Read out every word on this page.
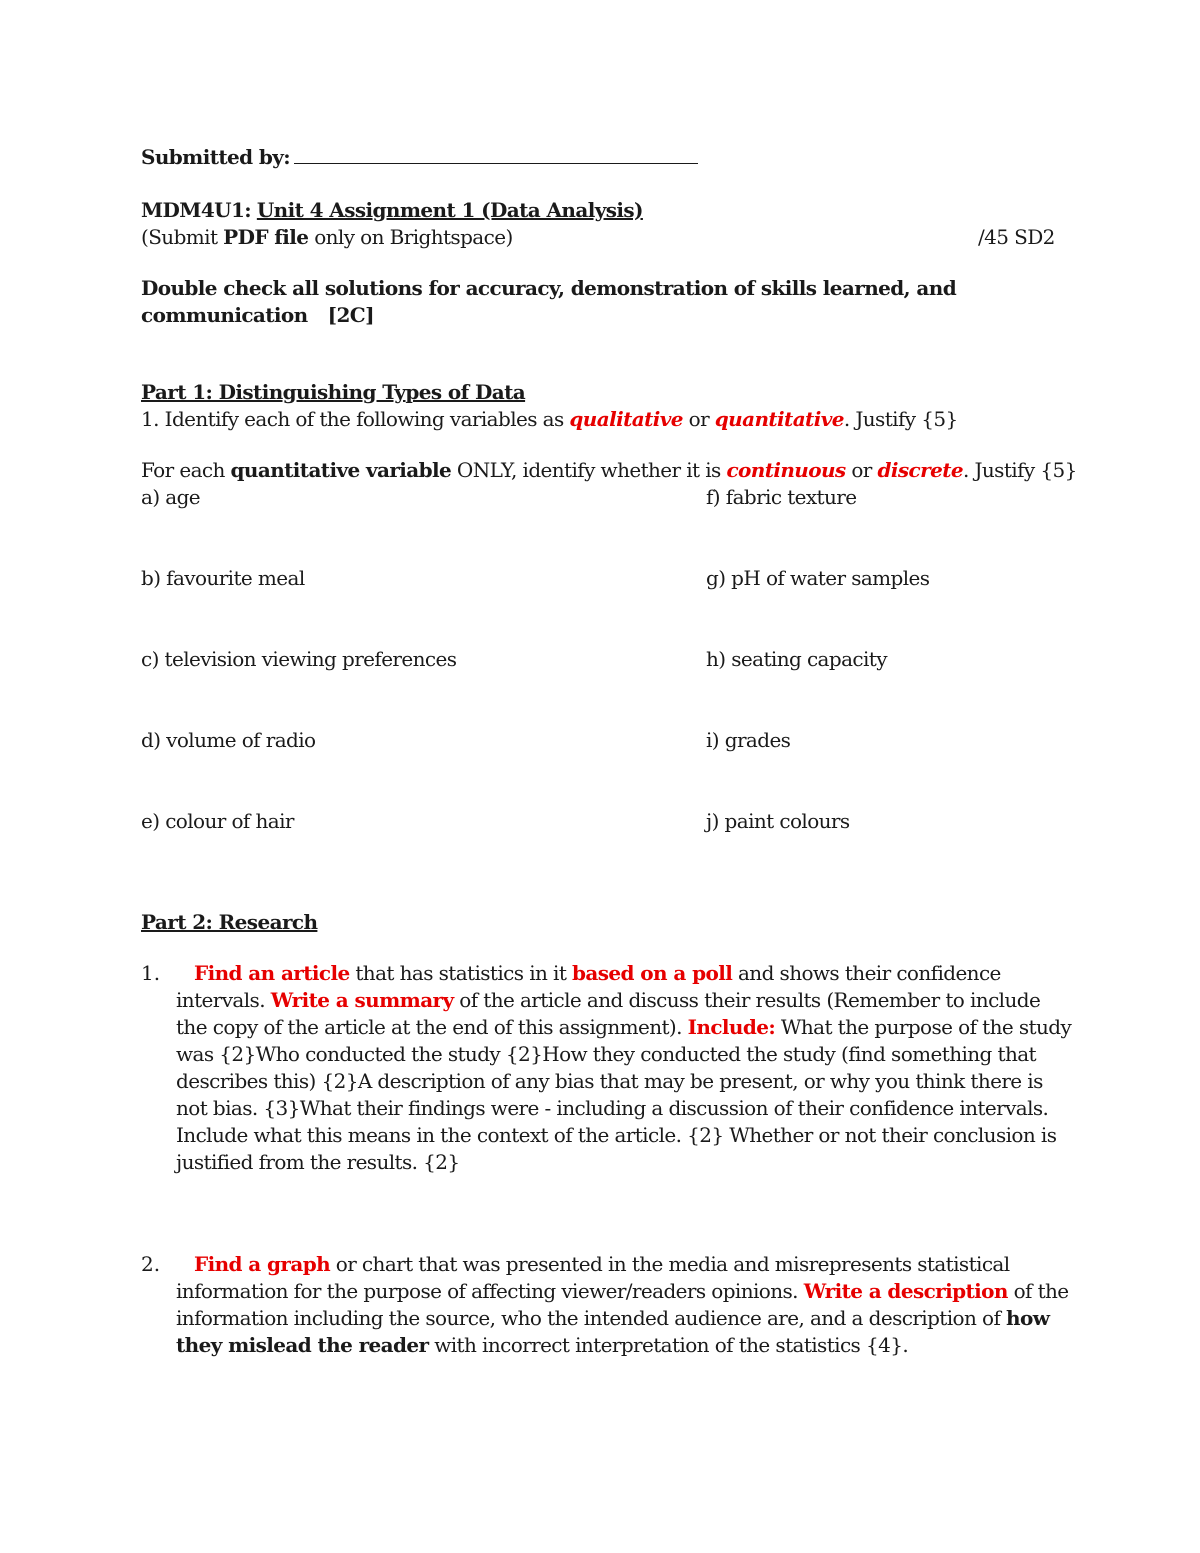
Submitted by:
MDM4U1: Unit 4 Assignment 1 (Data Analysis)
(Submit PDF file only on Brightspace)	/45 SD2
Double check all solutions for accuracy, demonstration of skills learned, and
communication [2C]
Part 1: Distinguishing Types of Data
1. Identify each of the following variables as qualitative or quantitative. Justify {5}
For each quantitative variable ONLY, identify whether it is continuous or discrete. Justify {5}
a) age
b) favourite meal
c) television viewing preferences
d) volume of radio
e) colour of hair
f) fabric texture
g) pH of water samples
h) seating capacity
i) grades
j) paint colours
Part 2: Research
1. Find an article that has statistics in it based on a poll and shows their confidence
intervals. Write a summary of the article and discuss their results (Remember to include
the copy of the article at the end of this assignment). Include: What the purpose of the study
was {2}Who conducted the study {2}How they conducted the study (find something that
describes this) {2}A description of any bias that may be present, or why you think there is
not bias. {3}What their findings were - including a discussion of their confidence intervals.
Include what this means in the context of the article. {2} Whether or not their conclusion is
justified from the results. {2}
2. Find a graph or chart that was presented in the media and misrepresents statistical
information for the purpose of affecting viewer/readers opinions. Write a description of the
information including the source, who the intended audience are, and a description of how
they mislead the reader with incorrect interpretation of the statistics {4}.
